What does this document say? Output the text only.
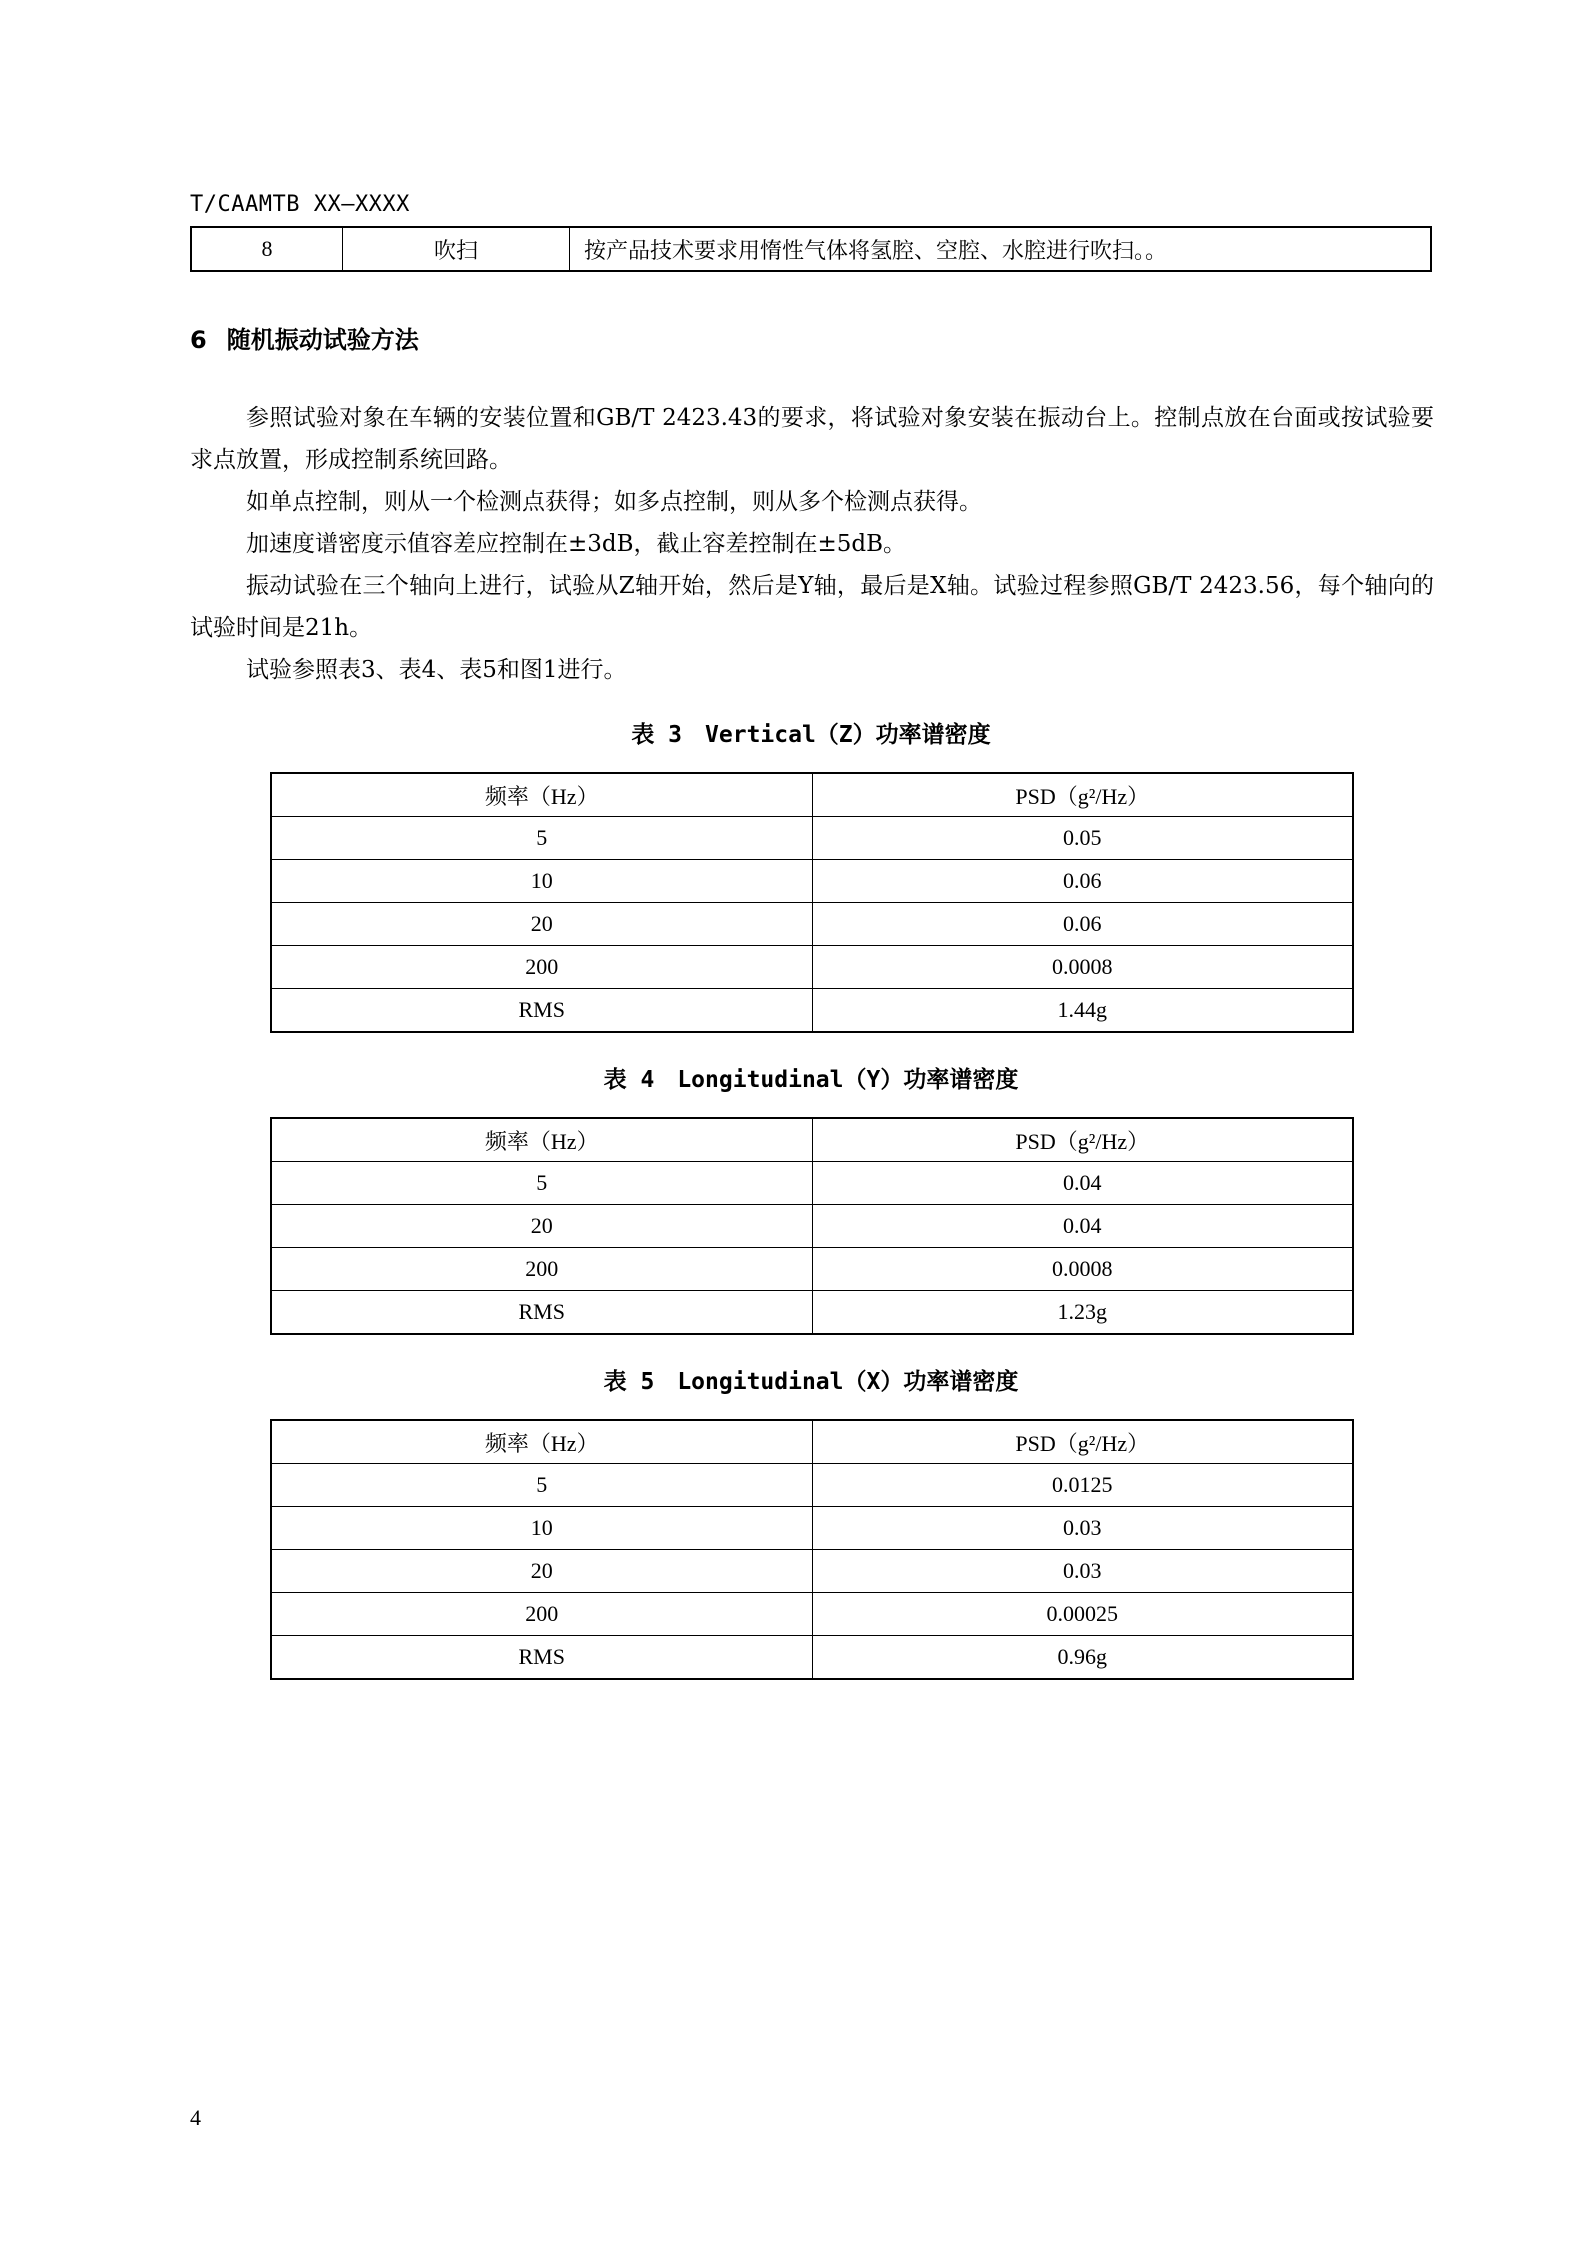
T/CAAMTB XX—XXXX
8	吹扫	按产品技术要求用惰性气体将氢腔、空腔、水腔进行吹扫。。
6 随机振动试验方法
参照试验对象在车辆的安装位置和GB/T 2423.43的要求，将试验对象安装在振动台上。控制点放在台面或按试验要求点放置，形成控制系统回路。
如单点控制，则从一个检测点获得；如多点控制，则从多个检测点获得。
加速度谱密度示值容差应控制在±3dB，截止容差控制在±5dB。
振动试验在三个轴向上进行，试验从Z轴开始，然后是Y轴，最后是X轴。试验过程参照GB/T 2423.56，每个轴向的试验时间是21h。
试验参照表3、表4、表5和图1进行。
表 3　Vertical（Z）功率谱密度
频率（Hz）	PSD（g²/Hz）
5	0.05
10	0.06
20	0.06
200	0.0008
RMS	1.44g
表 4　Longitudinal（Y）功率谱密度
频率（Hz）	PSD（g²/Hz）
5	0.04
20	0.04
200	0.0008
RMS	1.23g
表 5　Longitudinal（X）功率谱密度
频率（Hz）	PSD（g²/Hz）
5	0.0125
10	0.03
20	0.03
200	0.00025
RMS	0.96g
4
